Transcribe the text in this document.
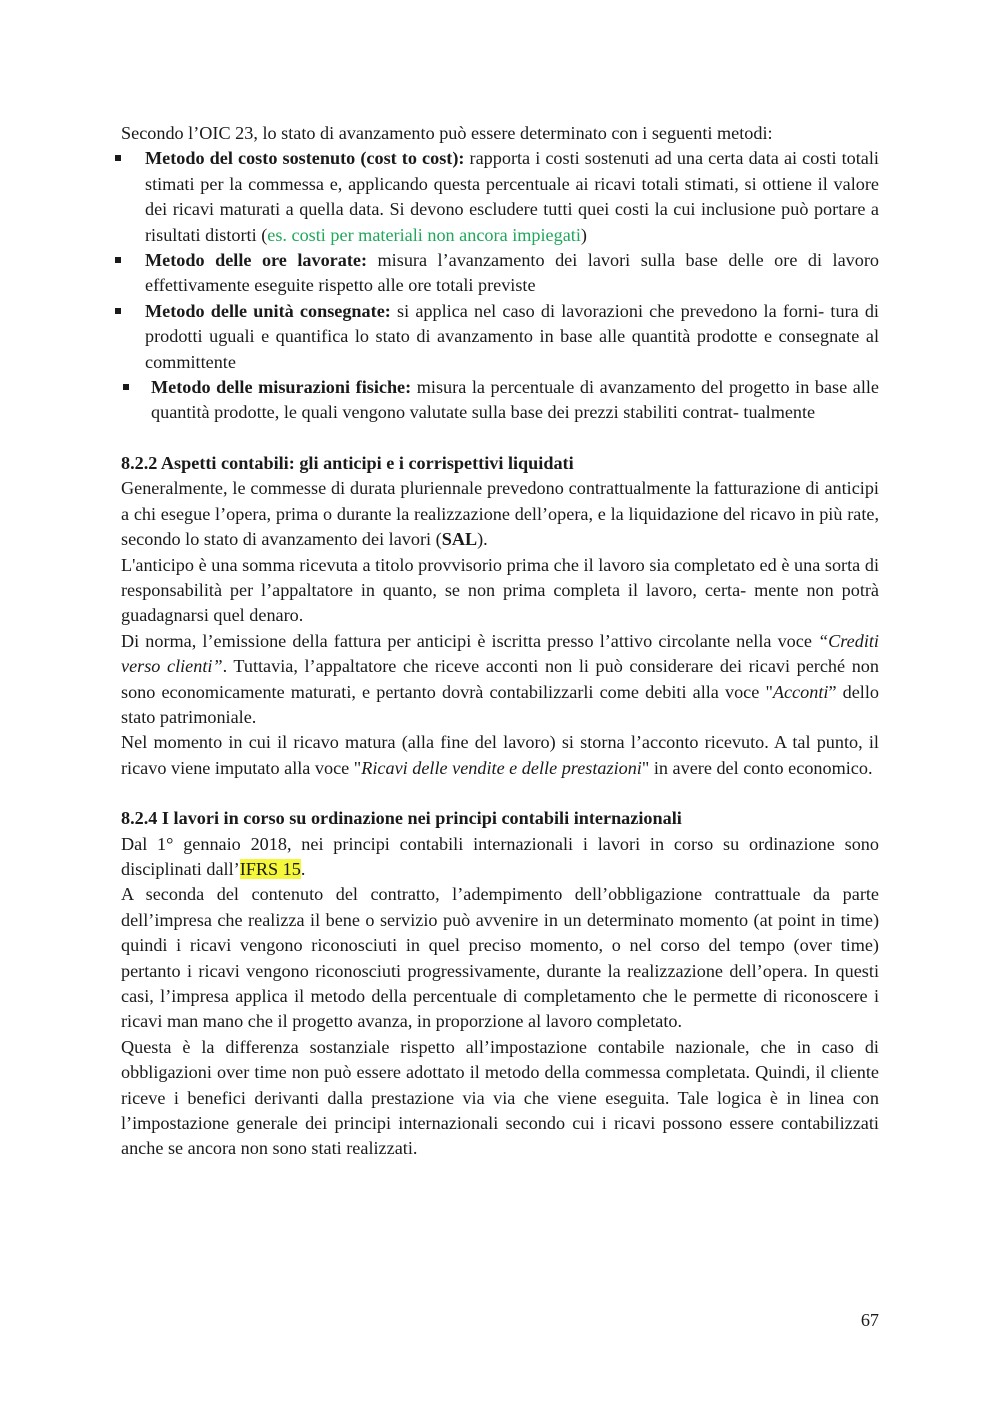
Secondo l’OIC 23, lo stato di avanzamento può essere determinato con i seguenti metodi:

Metodo del costo sostenuto (cost to cost): rapporta i costi sostenuti ad una certa data ai costi totali stimati per la commessa e, applicando questa percentuale ai ricavi totali stimati, si ottiene il valore dei ricavi maturati a quella data. Si devono escludere tutti quei costi la cui inclusione può portare a risultati distorti (es. costi per materiali non ancora impiegati)
Metodo delle ore lavorate: misura l’avanzamento dei lavori sulla base delle ore di lavoro effettivamente eseguite rispetto alle ore totali previste
Metodo delle unità consegnate: si applica nel caso di lavorazioni che prevedono la forni- tura di prodotti uguali e quantifica lo stato di avanzamento in base alle quantità prodotte e consegnate al committente
Metodo delle misurazioni fisiche: misura la percentuale di avanzamento del progetto in base alle quantità prodotte, le quali vengono valutate sulla base dei prezzi stabiliti contrat- tualmente
8.2.2 Aspetti contabili: gli anticipi e i corrispettivi liquidati

Generalmente, le commesse di durata pluriennale prevedono contrattualmente la fatturazione di anticipi a chi esegue l’opera, prima o durante la realizzazione dell’opera, e la liquidazione del ricavo in più rate, secondo lo stato di avanzamento dei lavori (SAL).

L'anticipo è una somma ricevuta a titolo provvisorio prima che il lavoro sia completato ed è una sorta di responsabilità per l’appaltatore in quanto, se non prima completa il lavoro, certa- mente non potrà guadagnarsi quel denaro.

Di norma, l’emissione della fattura per anticipi è iscritta presso l’attivo circolante nella voce “Crediti verso clienti”. Tuttavia, l’appaltatore che riceve acconti non li può considerare dei ricavi perché non sono economicamente maturati, e pertanto dovrà contabilizzarli come debiti alla voce "Acconti” dello stato patrimoniale.

Nel momento in cui il ricavo matura (alla fine del lavoro) si storna l’acconto ricevuto. A tal punto, il ricavo viene imputato alla voce "Ricavi delle vendite e delle prestazioni" in avere del conto economico.

8.2.4 I lavori in corso su ordinazione nei principi contabili internazionali

Dal 1° gennaio 2018, nei principi contabili internazionali i lavori in corso su ordinazione sono disciplinati dall’IFRS 15.

A seconda del contenuto del contratto, l’adempimento dell’obbligazione contrattuale da parte dell’impresa che realizza il bene o servizio può avvenire in un determinato momento (at point in time) quindi i ricavi vengono riconosciuti in quel preciso momento, o nel corso del tempo (over time) pertanto i ricavi vengono riconosciuti progressivamente, durante la realizzazione dell’opera. In questi casi, l’impresa applica il metodo della percentuale di completamento che le permette di riconoscere i ricavi man mano che il progetto avanza, in proporzione al lavoro completato.

Questa è la differenza sostanziale rispetto all’impostazione contabile nazionale, che in caso di obbligazioni over time non può essere adottato il metodo della commessa completata. Quindi, il cliente riceve i benefici derivanti dalla prestazione via via che viene eseguita. Tale logica è in linea con l’impostazione generale dei principi internazionali secondo cui i ricavi possono essere contabilizzati anche se ancora non sono stati realizzati.

67
